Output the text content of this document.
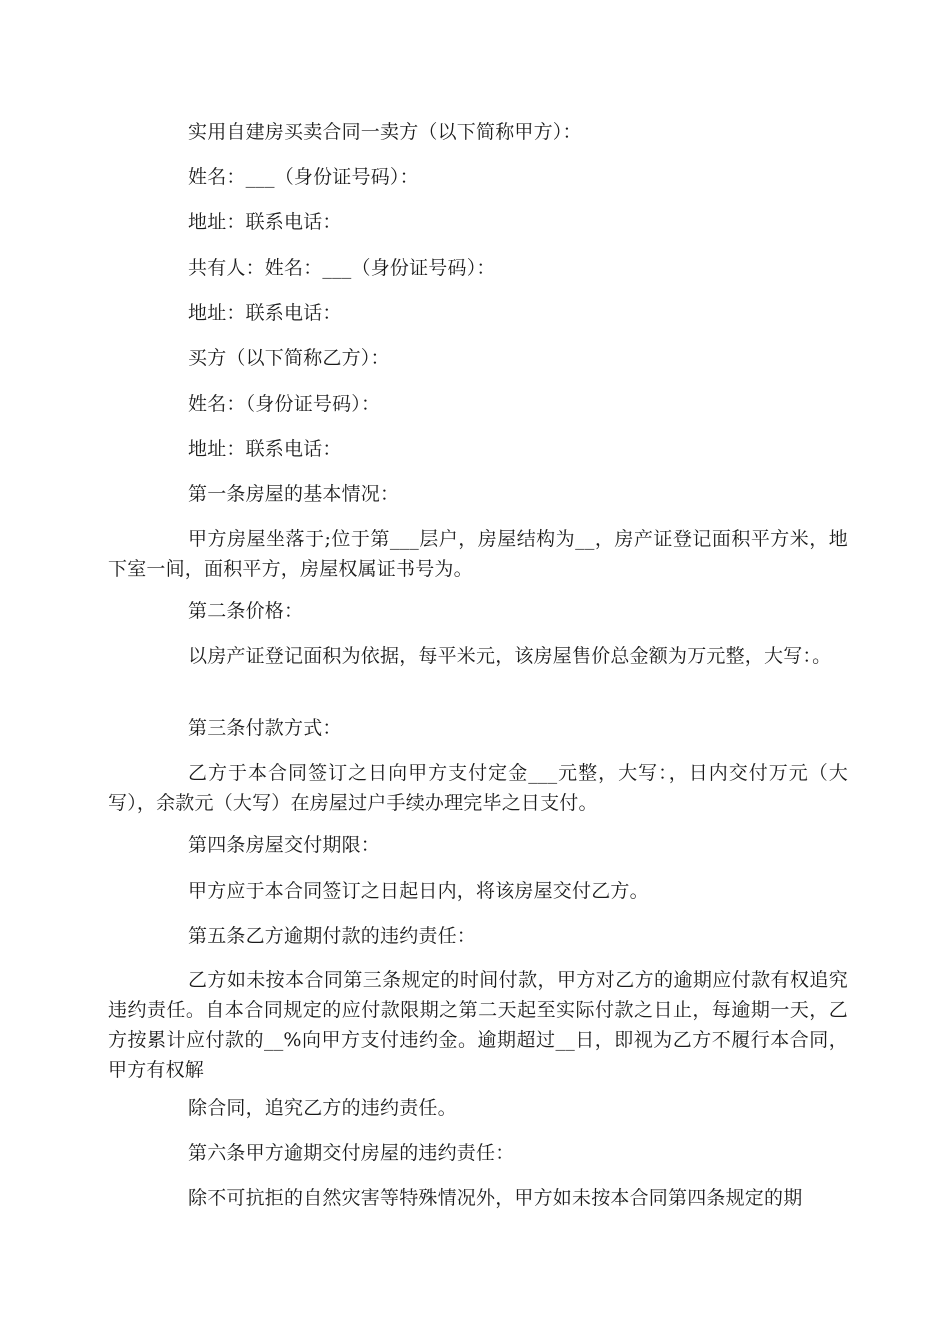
实用自建房买卖合同一卖方（以下简称甲方）：
姓名：___（身份证号码）：
地址：联系电话：
共有人：姓名：___（身份证号码）：
地址：联系电话：
买方（以下简称乙方）：
姓名：（身份证号码）：
地址：联系电话：
第一条房屋的基本情况：
甲方房屋坐落于;位于第___层户，房屋结构为__，房产证登记面积平方米，地下室一间，面积平方，房屋权属证书号为。
第二条价格：
以房产证登记面积为依据，每平米元，该房屋售价总金额为万元整，大写：。
第三条付款方式：
乙方于本合同签订之日向甲方支付定金___元整，大写：，日内交付万元（大写），余款元（大写）在房屋过户手续办理完毕之日支付。
第四条房屋交付期限：
甲方应于本合同签订之日起日内，将该房屋交付乙方。
第五条乙方逾期付款的违约责任：
乙方如未按本合同第三条规定的时间付款，甲方对乙方的逾期应付款有权追究违约责任。自本合同规定的应付款限期之第二天起至实际付款之日止，每逾期一天，乙方按累计应付款的__%向甲方支付违约金。逾期超过__日，即视为乙方不履行本合同，甲方有权解
除合同，追究乙方的违约责任。
第六条甲方逾期交付房屋的违约责任：
除不可抗拒的自然灾害等特殊情况外，甲方如未按本合同第四条规定的期
